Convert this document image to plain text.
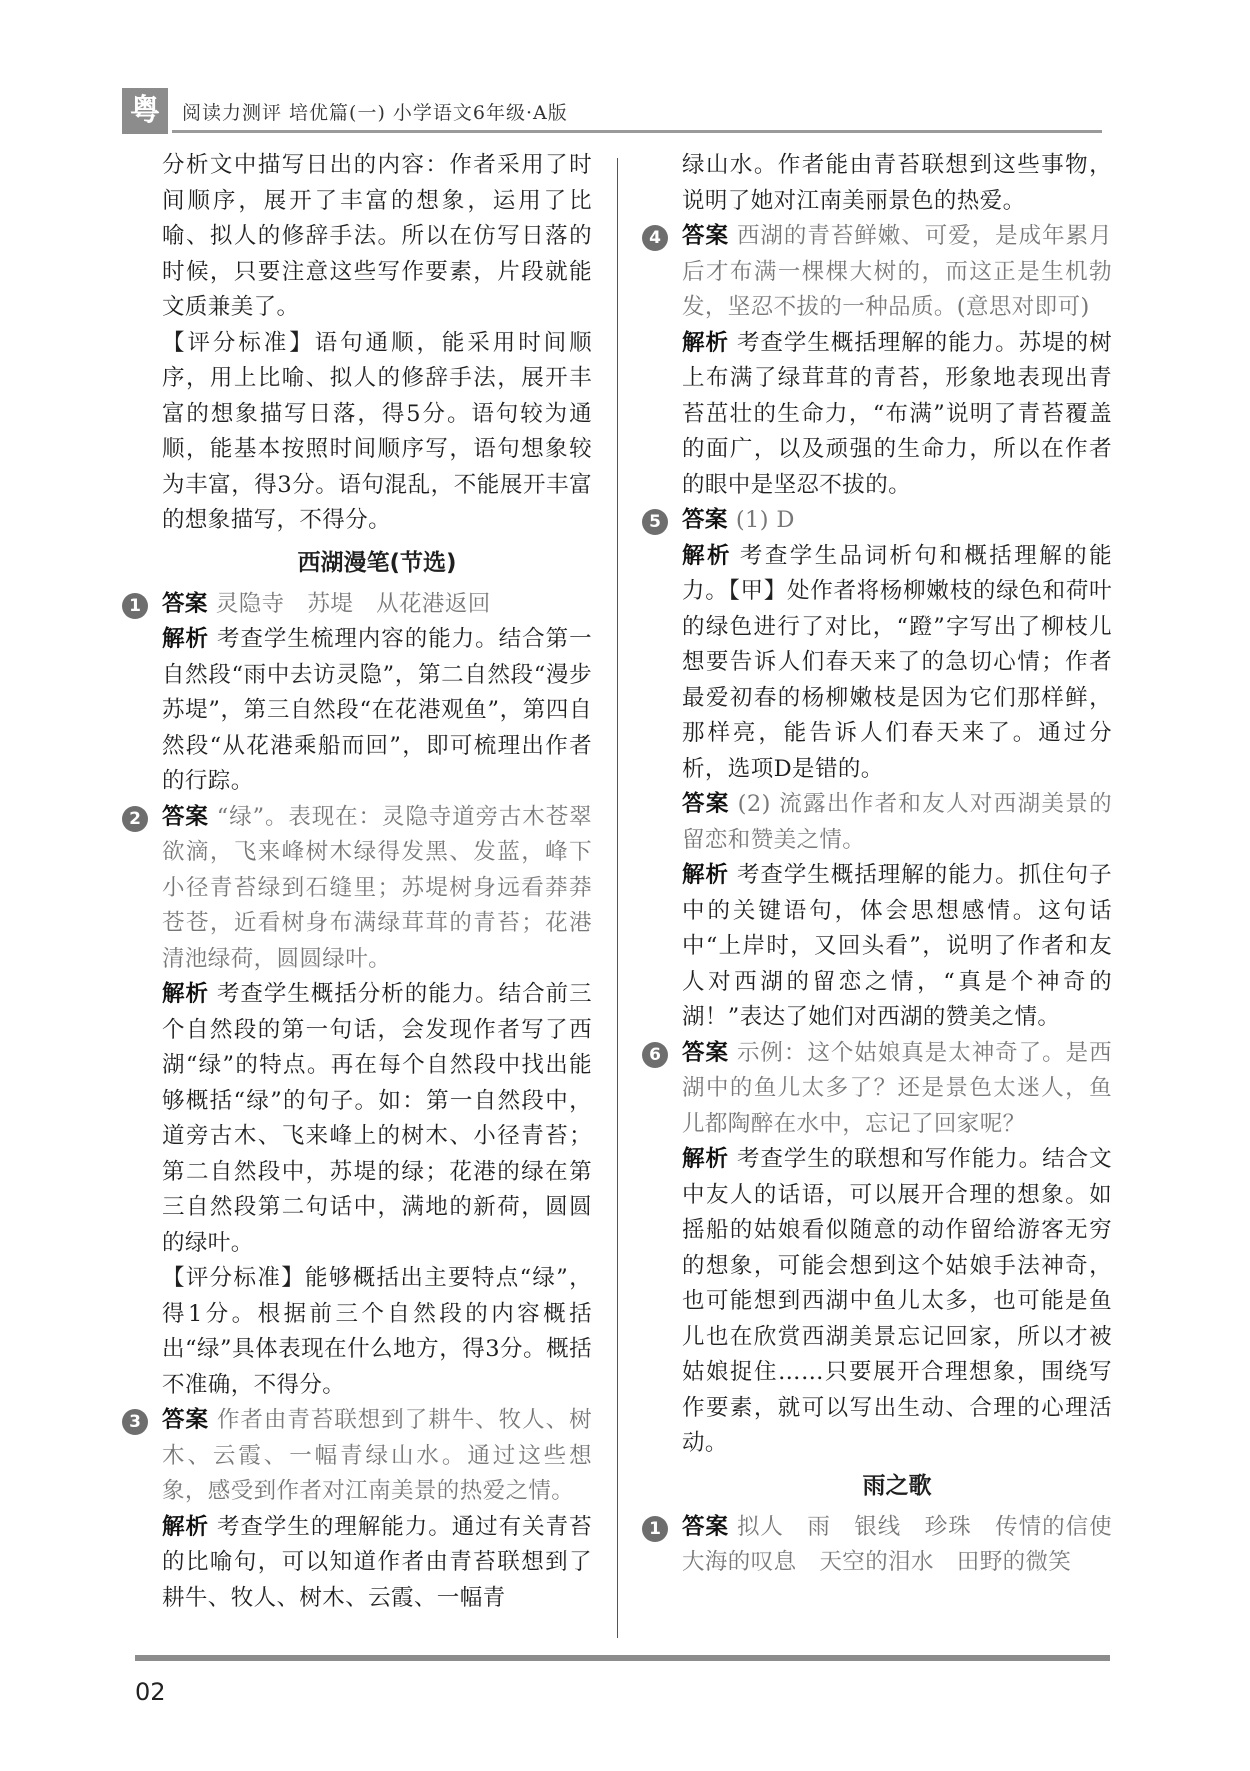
粤	阅读力测评 培优篇(一) 小学语文6年级·A版

分析文中描写日出的内容：作者采用了时间顺序，展开了丰富的想象，运用了比喻、拟人的修辞手法。所以在仿写日落的时候，只要注意这些写作要素，片段就能文质兼美了。

【评分标准】语句通顺，能采用时间顺序，用上比喻、拟人的修辞手法，展开丰富的想象描写日落，得5分。语句较为通顺，能基本按照时间顺序写，语句想象较为丰富，得3分。语句混乱，不能展开丰富的想象描写，不得分。

西湖漫笔(节选)
1 答案 灵隐寺　苏堤　从花港返回

解析 考查学生梳理内容的能力。结合第一自然段“雨中去访灵隐”，第二自然段“漫步苏堤”，第三自然段“在花港观鱼”，第四自然段“从花港乘船而回”，即可梳理出作者的行踪。

2 答案 “绿”。表现在：灵隐寺道旁古木苍翠欲滴，飞来峰树木绿得发黑、发蓝，峰下小径青苔绿到石缝里；苏堤树身远看莽莽苍苍，近看树身布满绿茸茸的青苔；花港清池绿荷，圆圆绿叶。

解析 考查学生概括分析的能力。结合前三个自然段的第一句话，会发现作者写了西湖“绿”的特点。再在每个自然段中找出能够概括“绿”的句子。如：第一自然段中，道旁古木、飞来峰上的树木、小径青苔；第二自然段中，苏堤的绿；花港的绿在第三自然段第二句话中，满地的新荷，圆圆的绿叶。

【评分标准】能够概括出主要特点“绿”，得1分。根据前三个自然段的内容概括出“绿”具体表现在什么地方，得3分。概括不准确，不得分。

3 答案 作者由青苔联想到了耕牛、牧人、树木、云霞、一幅青绿山水。通过这些想象，感受到作者对江南美景的热爱之情。

解析 考查学生的理解能力。通过有关青苔的比喻句，可以知道作者由青苔联想到了耕牛、牧人、树木、云霞、一幅青

绿山水。作者能由青苔联想到这些事物，说明了她对江南美丽景色的热爱。

4 答案 西湖的青苔鲜嫩、可爱，是成年累月后才布满一棵棵大树的，而这正是生机勃发，坚忍不拔的一种品质。(意思对即可)

解析 考查学生概括理解的能力。苏堤的树上布满了绿茸茸的青苔，形象地表现出青苔茁壮的生命力，“布满”说明了青苔覆盖的面广，以及顽强的生命力，所以在作者的眼中是坚忍不拔的。

5 答案 (1) D

解析 考查学生品词析句和概括理解的能力。【甲】处作者将杨柳嫩枝的绿色和荷叶的绿色进行了对比，“蹬”字写出了柳枝儿想要告诉人们春天来了的急切心情；作者最爱初春的杨柳嫩枝是因为它们那样鲜，那样亮，能告诉人们春天来了。通过分析，选项D是错的。

答案 (2) 流露出作者和友人对西湖美景的留恋和赞美之情。

解析 考查学生概括理解的能力。抓住句子中的关键语句，体会思想感情。这句话中“上岸时，又回头看”，说明了作者和友人对西湖的留恋之情，“真是个神奇的湖！”表达了她们对西湖的赞美之情。

6 答案 示例：这个姑娘真是太神奇了。是西湖中的鱼儿太多了？还是景色太迷人，鱼儿都陶醉在水中，忘记了回家呢？

解析 考查学生的联想和写作能力。结合文中友人的话语，可以展开合理的想象。如摇船的姑娘看似随意的动作留给游客无穷的想象，可能会想到这个姑娘手法神奇，也可能想到西湖中鱼儿太多，也可能是鱼儿也在欣赏西湖美景忘记回家，所以才被姑娘捉住……只要展开合理想象，围绕写作要素，就可以写出生动、合理的心理活动。

雨之歌
1 答案 拟人　雨　银线　珍珠　传情的信使　大海的叹息　天空的泪水　田野的微笑

02
